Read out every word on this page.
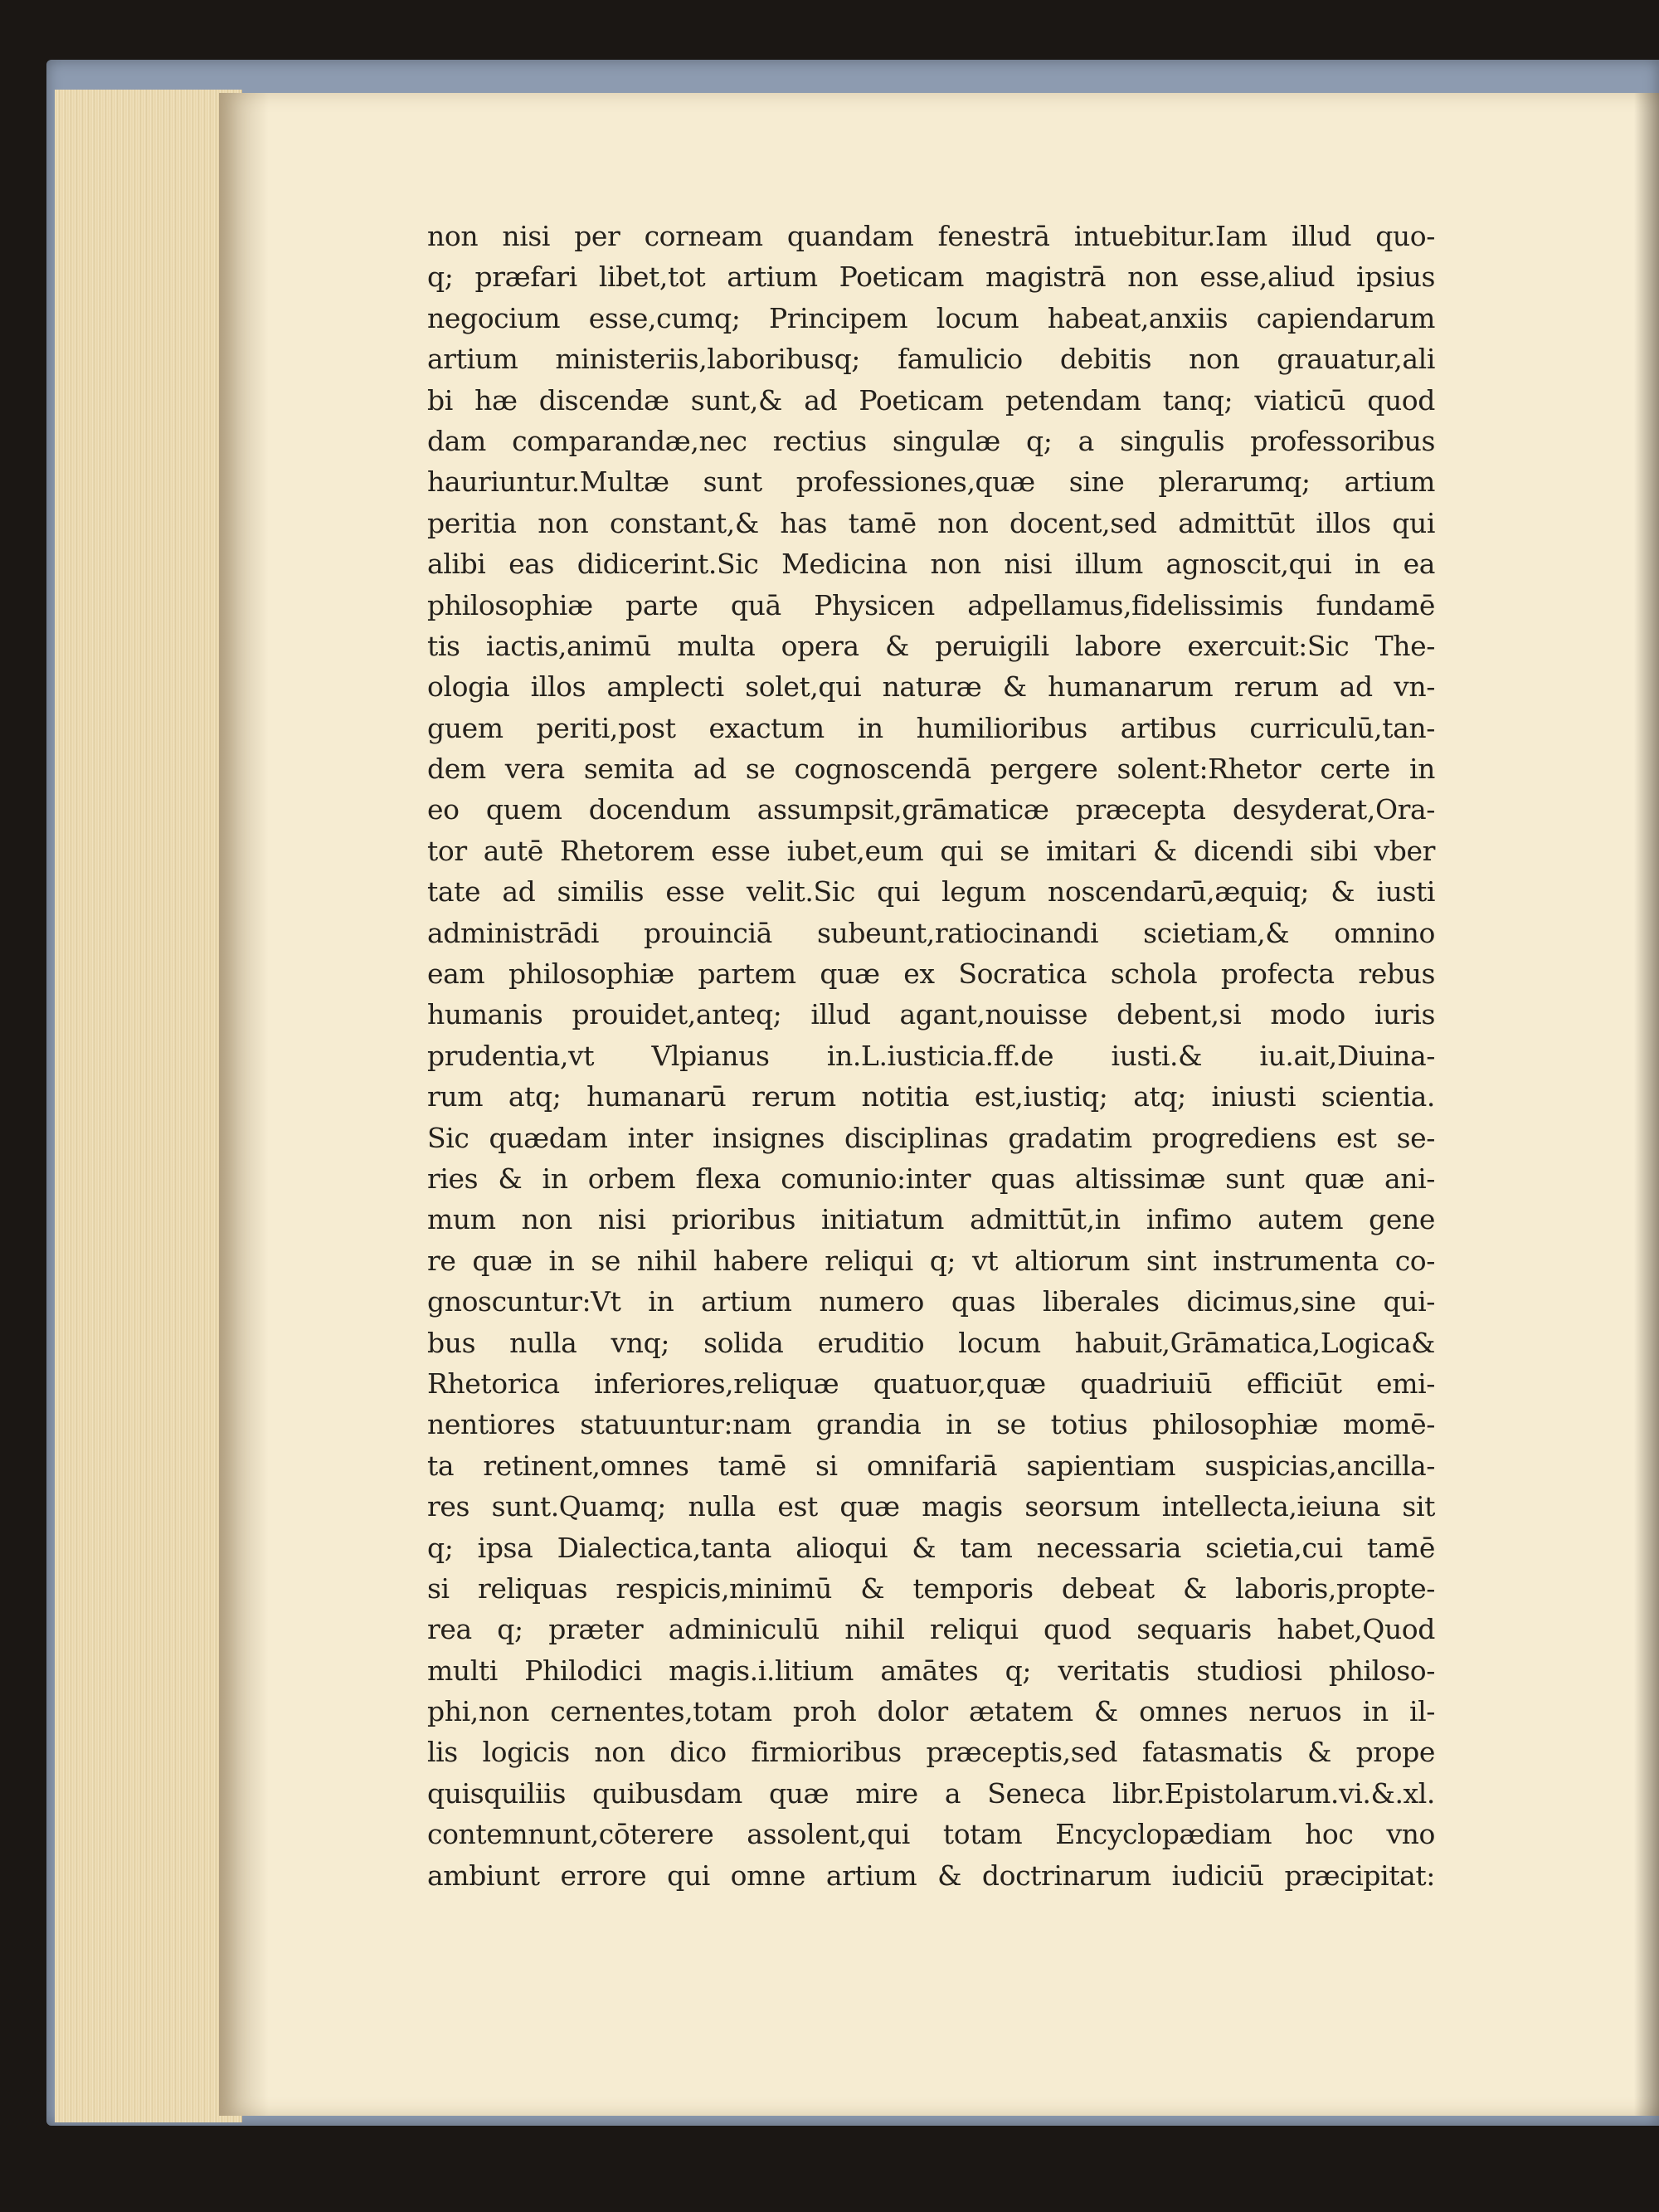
non nisi per corneam quandam fenestrā intuebitur.Iam illud quo-
q; præfari libet,tot artium Poeticam magistrā non esse,aliud ipsius
negocium esse,cumq; Principem locum habeat,anxiis capiendarum
artium ministeriis,laboribusq; famulicio debitis non grauatur,ali
bi hæ discendæ sunt,& ad Poeticam petendam tanq; viaticū quod
dam comparandæ,nec rectius singulæ q; a singulis professoribus
hauriuntur.Multæ sunt professiones,quæ sine plerarumq; artium
peritia non constant,& has tamē non docent,sed admittūt illos qui
alibi eas didicerint.Sic Medicina non nisi illum agnoscit,qui in ea
philosophiæ parte quā Physicen adpellamus,fidelissimis fundamē
tis iactis,animū multa opera & peruigili labore exercuit:Sic The-
ologia illos amplecti solet,qui naturæ & humanarum rerum ad vn-
guem periti,post exactum in humilioribus artibus curriculū,tan-
dem vera semita ad se cognoscendā pergere solent:Rhetor certe in
eo quem docendum assumpsit,grāmaticæ præcepta desyderat,Ora-
tor autē Rhetorem esse iubet,eum qui se imitari & dicendi sibi vber
tate ad similis esse velit.Sic qui legum noscendarū,æquiq; & iusti
administrādi prouinciā subeunt,ratiocinandi scietiam,& omnino
eam philosophiæ partem quæ ex Socratica schola profecta rebus
humanis prouidet,anteq; illud agant,nouisse debent,si modo iuris
prudentia,vt Vlpianus in.L.iusticia.ff.de iusti.& iu.ait,Diuina-
rum atq; humanarū rerum notitia est,iustiq; atq; iniusti scientia.
Sic quædam inter insignes disciplinas gradatim progrediens est se-
ries & in orbem flexa comunio:inter quas altissimæ sunt quæ ani-
mum non nisi prioribus initiatum admittūt,in infimo autem gene
re quæ in se nihil habere reliqui q; vt altiorum sint instrumenta co-
gnoscuntur:Vt in artium numero quas liberales dicimus,sine qui-
bus nulla vnq; solida eruditio locum habuit,Grāmatica,Logica&
Rhetorica inferiores,reliquæ quatuor,quæ quadriuiū efficiūt emi-
nentiores statuuntur:nam grandia in se totius philosophiæ momē-
ta retinent,omnes tamē si omnifariā sapientiam suspicias,ancilla-
res sunt.Quamq; nulla est quæ magis seorsum intellecta,ieiuna sit
q; ipsa Dialectica,tanta alioqui & tam necessaria scietia,cui tamē
si reliquas respicis,minimū & temporis debeat & laboris,propte-
rea q; præter adminiculū nihil reliqui quod sequaris habet,Quod
multi Philodici magis.i.litium amātes q; veritatis studiosi philoso-
phi,non cernentes,totam proh dolor ætatem & omnes neruos in il-
lis logicis non dico firmioribus præceptis,sed fatasmatis & prope
quisquiliis quibusdam quæ mire a Seneca libr.Epistolarum.vi.&.xl.
contemnunt,cōterere assolent,qui totam Encyclopædiam hoc vno
ambiunt errore qui omne artium & doctrinarum iudiciū præcipitat:
